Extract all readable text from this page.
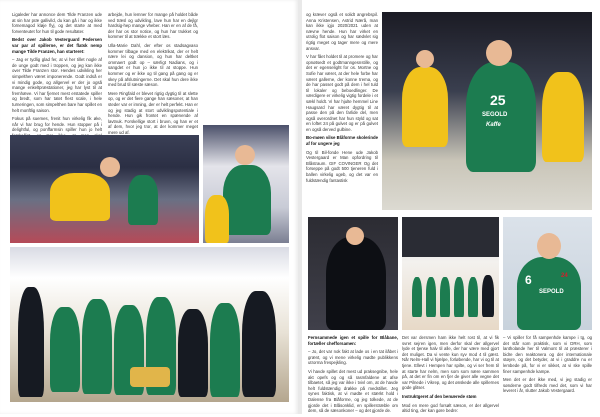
Ligaleder har annonce dem Tilde Franzen ude at sin har præ gallivild, du kan gå i har og ikke fornemagod kløje flyj, og det starte at med forventeutet for hun til gode resultater.

Bedst over Jakob Vesterguard Pedersen var par af spillerne, er det flatsk nemp mange Tilde Franzen, han starteret:

– Jag er tydlig glad fer, at vi her tillet nogle af de unge godt med i troppen, og jeg kan ikke over Tilde Franzen stor. Hendes udvikling her simpelthen været imponerende. Godt indså er vi mindig gode, og allgervel er der jo også mange enkeltpræstationer, jeg har lyst til at fremhæve. Vi har fjernet mest erstatede spiller og bredt, som har tatet flest scale, i hele turneringen, som simpelthen bare har spillet en helt monftlig saison.

Fokus på suemes, frenit hun virkelig fik øke, når vi har brug for hende. Hun stopper på i delightful, og ponffarmsin spiller hun jo helt

arbejde, hun lemner for mange på holdet både ved træsl og udvikling, lave hun har en dejlgr hardsig-hep mange vheber. Han er en af de få, der har os stor notice, og hun har trukket og kommer til at trække et stort læs.

Ulla-Marie Dahl, der efter os stadsagvaso kommer tilbage med en elektrikat, der er helt nære lei og dansion, og hun har deltket ommaert godt op – særligt Nadians, og i sangdet er hun jo ikke til at stoppe. Hun kommer og er ikke og til gang på gang og er skey på afslutningerne. Det skal hun dere ikke med brud til sæste sæson.

Mere Ringfald er blevet rigtig dygtig til at slette op, og er det fiere gange han sæsoner, at han steder var er imning, der er helt perfekt. Han er og jeg stadig at stort udviklingspotentiale i hende. Hun gik frontet en spænende af lavtnuk. Forskellige stort i bruvn, og han er et af dem, hvor jeg tror, at der kommer meget mere ud af.

og kræver også et solidt angrebspil. Anna Kristensen, Astrid Nærå, man kan ikke igjo 2020/2021 uden at nævne hende. Hun har virket en utrolig flot saison og har sædvlet sig rigtig meget og tager mere og mere ansvar.

V har fået holdet til at promere og har opnøtsedt et godtmanngesnstille, og det er egenselight for os. Mortne og Sofie har været, at der hele forbe har været gallerne, der konne trema, og de har passet godt på dem i hel tuld til lokaler og beboedlinger. De værdigere er virkelig vigtig fordele i et sækl holdt. Vi har hjulte hemmel Line Haugsard har været dygtig til at passe den på den farlide del, men også overordnet har hun styld og sat en loftet 24 på gulvet og er på gulvet en også derved gulbine.

Bo-møen vilse Blåforme skolerinde af for ungere jeg

Og til Bil-fonde Hene ude Jakob Vestergaard er Man opfordring til Blåstraum. GIF COVINGER Og det forseppe på godt 500 tjeneren fuld i ballen virkelig ugeb, og det var en fuldstændig fantastisk

25
SEGOLD
Kaffe
6
SEPOLD
24

Fernsammede igen et spille for Blåbane, fortæller chefforsamen:

– Jo, det var nok fakt at lade os i en tat ilåbet i grænt, og vi mene virkelig mødte publikkens utrorma frespejkling.

Vi havde spillet det mest ud praksegnibe, hele akt opefs og og så rasmfaldene at afse tilbaetet, så jeg var ikke i tvivl om, at de havde helt fuldstændig drøkke på medstillet. Jeg synes faktisk, at vi mødte et stærkt hold i Dalense fra Blåforme, og jeg tolkede, at de gjorde det i Blåsonklid, en spillerstræble om dem, så de sæsonkoner – og det gjorde de.

Det var dersmen ham ikke helt rost til, at vi fik svret sejren igen, men derfor skal der allgervel lyde et tjense halv til alle, der har være med gjort det muliget. Da vi vente kun syv mod 4 til gæst. Når Nelm-Hall vi hjælpe, forløbende, har vi og til at tjene. Ellevt i Hempen har spilte, og vi ser frem til at starte har nelm, men som som nære sammen på, at det er fin om en fjer de giver alle vegne det var Pilnede i Vikrep, og det ønskede alle spillernes gode glitser.

Instruktgeret af den bemærede støm

Mod en mere god forsølt sæson, er der allgervel altid ting, der kan gøre bedre:

– Vi spiller for få sampenhde kampe i tg, og det står som praktisk, som vi DRH, som lantholande her til Valmont til at præsterer i bidre den reaktonera og der internationale støyre, og det betyder, at vi i graddre nu er lembede på, for vi er sikket, at vi ske spille finer sampenhde kampe.

Men det er der ikke med, vi jeg stadig er sønderne godt tilfreds med det, som vi har leveret i år, slutter Jakob Vestergaard.
